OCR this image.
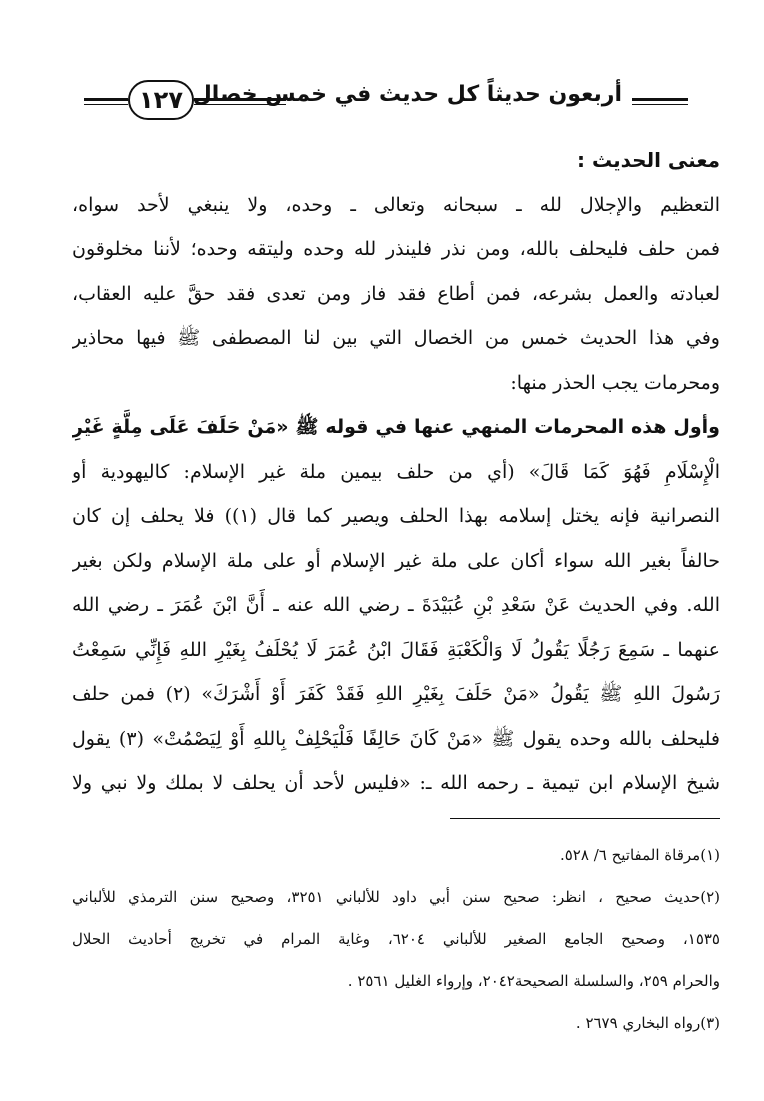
أربعون حديثاً كل حديث في خمس خصال
١٢٧
معنى الحديث :
التعظيم والإجلال لله ـ سبحانه وتعالى ـ وحده، ولا ينبغي لأحد سواه،
فمن حلف فليحلف بالله، ومن نذر فلينذر لله وحده وليتقه وحده؛ لأننا مخلوقون
لعبادته والعمل بشرعه، فمن أطاع فقد فاز ومن تعدى فقد حقَّ عليه العقاب،
وفي هذا الحديث خمس من الخصال التي بين لنا المصطفى ﷺ فيها محاذير
ومحرمات يجب الحذر منها:
وأول هذه المحرمات المنهي عنها في قوله ﷺ «مَنْ حَلَفَ عَلَى مِلَّةٍ غَيْرِ
الْإِسْلَامِ فَهُوَ كَمَا قَالَ» (أي من حلف بيمين ملة غير الإسلام: كاليهودية أو
النصرانية فإنه يختل إسلامه بهذا الحلف ويصير كما قال (١)) فلا يحلف إن كان
حالفاً بغير الله سواء أكان على ملة غير الإسلام أو على ملة الإسلام ولكن بغير
الله. وفي الحديث عَنْ سَعْدِ بْنِ عُبَيْدَةَ ـ رضي الله عنه ـ أَنَّ ابْنَ عُمَرَ ـ رضي الله
عنهما ـ سَمِعَ رَجُلًا يَقُولُ لَا وَالْكَعْبَةِ فَقَالَ ابْنُ عُمَرَ لَا يُحْلَفُ بِغَيْرِ اللهِ فَإِنِّي سَمِعْتُ
رَسُولَ اللهِ ﷺ يَقُولُ «مَنْ حَلَفَ بِغَيْرِ اللهِ فَقَدْ كَفَرَ أَوْ أَشْرَكَ» (٢) فمن حلف
فليحلف بالله وحده يقول ﷺ «مَنْ كَانَ حَالِفًا فَلْيَحْلِفْ بِاللهِ أَوْ لِيَصْمُتْ» (٣) يقول
شيخ الإسلام ابن تيمية ـ رحمه الله ـ: «فليس لأحد أن يحلف لا بملك ولا نبي ولا
(١)مرقاة المفاتيح ٦/ ٥٢٨.
(٢)حديث صحيح ، انظر: صحيح سنن أبي داود للألباني ٣٢٥١، وصحيح سنن الترمذي للألباني
١٥٣٥، وصحيح الجامع الصغير للألباني ٦٢٠٤، وغاية المرام في تخريج أحاديث الحلال
والحرام ٢٥٩، والسلسلة الصحيحة٢٠٤٢، وإرواء الغليل ٢٥٦١ .
(٣)رواه البخاري ٢٦٧٩ .
